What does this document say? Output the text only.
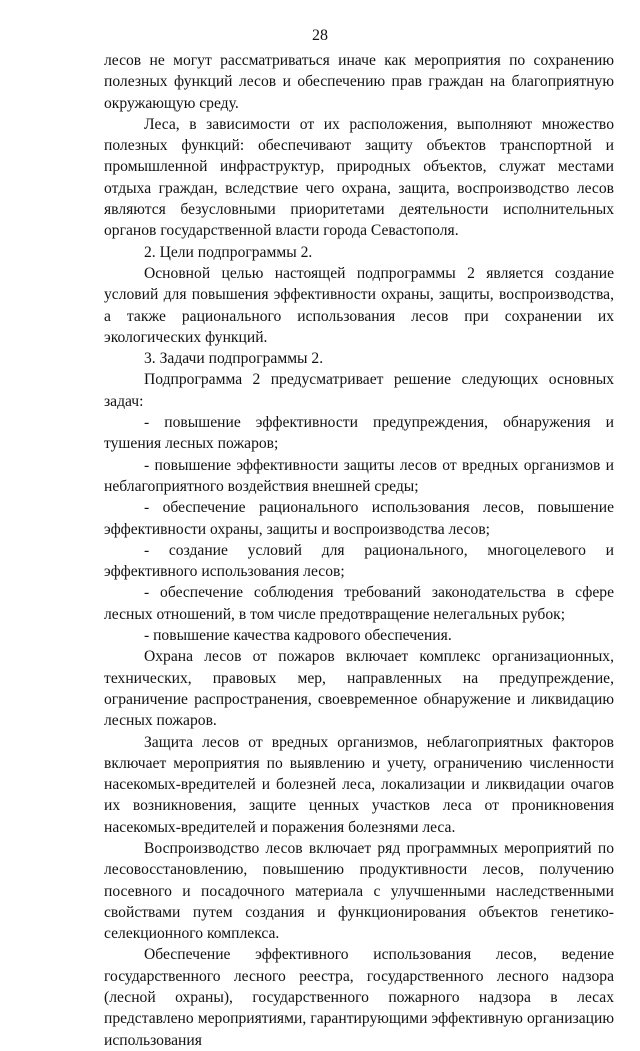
28

лесов не могут рассматриваться иначе как мероприятия по сохранению полезных функций лесов и обеспечению прав граждан на благоприятную окружающую среду.

Леса, в зависимости от их расположения, выполняют множество полезных функций: обеспечивают защиту объектов транспортной и промышленной инфраструктур, природных объектов, служат местами отдыха граждан, вследствие чего охрана, защита, воспроизводство лесов являются безусловными приоритетами деятельности исполнительных органов государственной власти города Севастополя.

2. Цели подпрограммы 2.

Основной целью настоящей подпрограммы 2 является создание условий для повышения эффективности охраны, защиты, воспроизводства, а также рационального использования лесов при сохранении их экологических функций.

3. Задачи подпрограммы 2.

Подпрограмма 2 предусматривает решение следующих основных задач:

- повышение эффективности предупреждения, обнаружения и тушения лесных пожаров;

- повышение эффективности защиты лесов от вредных организмов и неблагоприятного воздействия внешней среды;

- обеспечение рационального использования лесов, повышение эффективности охраны, защиты и воспроизводства лесов;

- создание условий для рационального, многоцелевого и эффективного использования лесов;

- обеспечение соблюдения требований законодательства в сфере лесных отношений, в том числе предотвращение нелегальных рубок;

- повышение качества кадрового обеспечения.

Охрана лесов от пожаров включает комплекс организационных, технических, правовых мер, направленных на предупреждение, ограничение распространения, своевременное обнаружение и ликвидацию лесных пожаров.

Защита лесов от вредных организмов, неблагоприятных факторов включает мероприятия по выявлению и учету, ограничению численности насекомых-вредителей и болезней леса, локализации и ликвидации очагов их возникновения, защите ценных участков леса от проникновения насекомых-вредителей и поражения болезнями леса.

Воспроизводство лесов включает ряд программных мероприятий по лесовосстановлению, повышению продуктивности лесов, получению посевного и посадочного материала с улучшенными наследственными свойствами путем создания и функционирования объектов генетико-селекционного комплекса.

Обеспечение эффективного использования лесов, ведение государственного лесного реестра, государственного лесного надзора (лесной охраны), государственного пожарного надзора в лесах представлено мероприятиями, гарантирующими эффективную организацию использования
